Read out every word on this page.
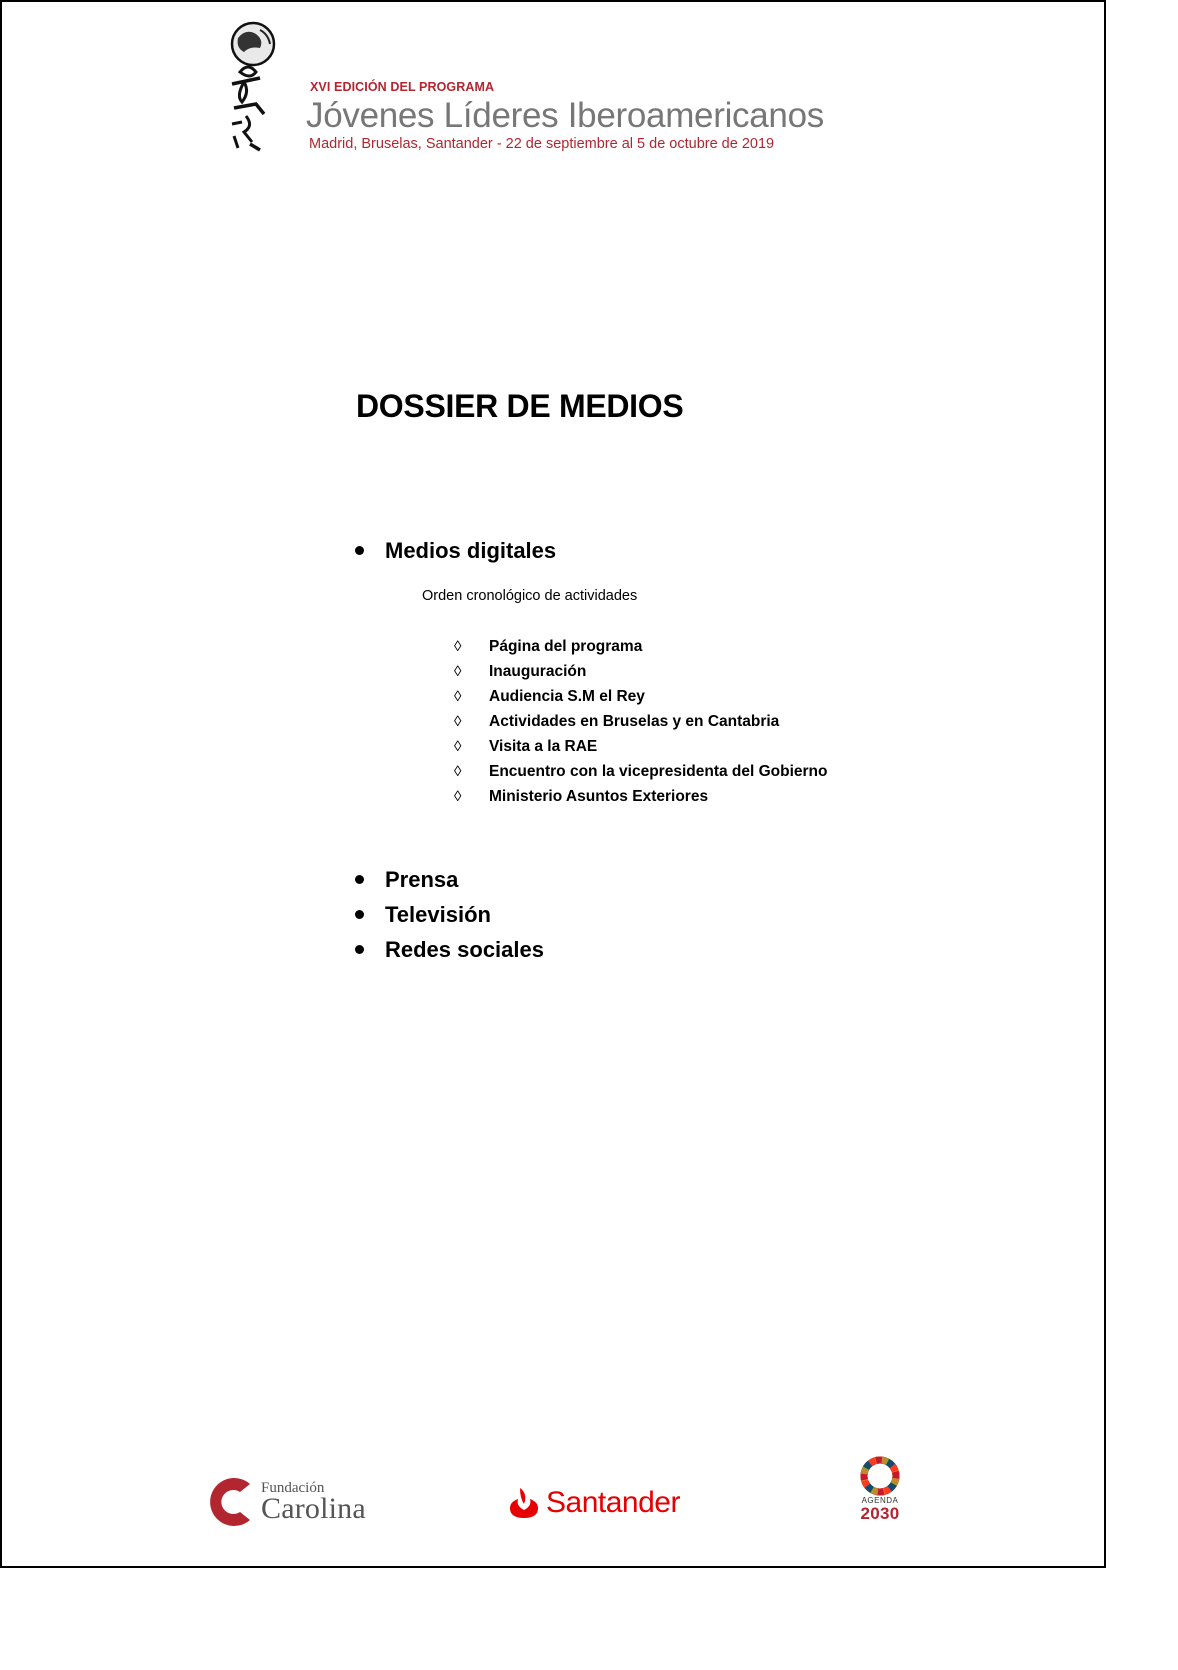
XVI EDICIÓN DEL PROGRAMA
Jóvenes Líderes Iberoamericanos
Madrid, Bruselas, Santander - 22 de septiembre al 5 de octubre de 2019
DOSSIER DE MEDIOS
Medios digitales
Orden cronológico de actividades
◊ Página del programa
◊ Inauguración
◊ Audiencia S.M el Rey
◊ Actividades en Bruselas y en Cantabria
◊ Visita a la RAE
◊ Encuentro con la vicepresidenta del Gobierno
◊ Ministerio Asuntos Exteriores
Prensa
Televisión
Redes sociales
Fundación
Carolina	Santander	AGENDA
2030
